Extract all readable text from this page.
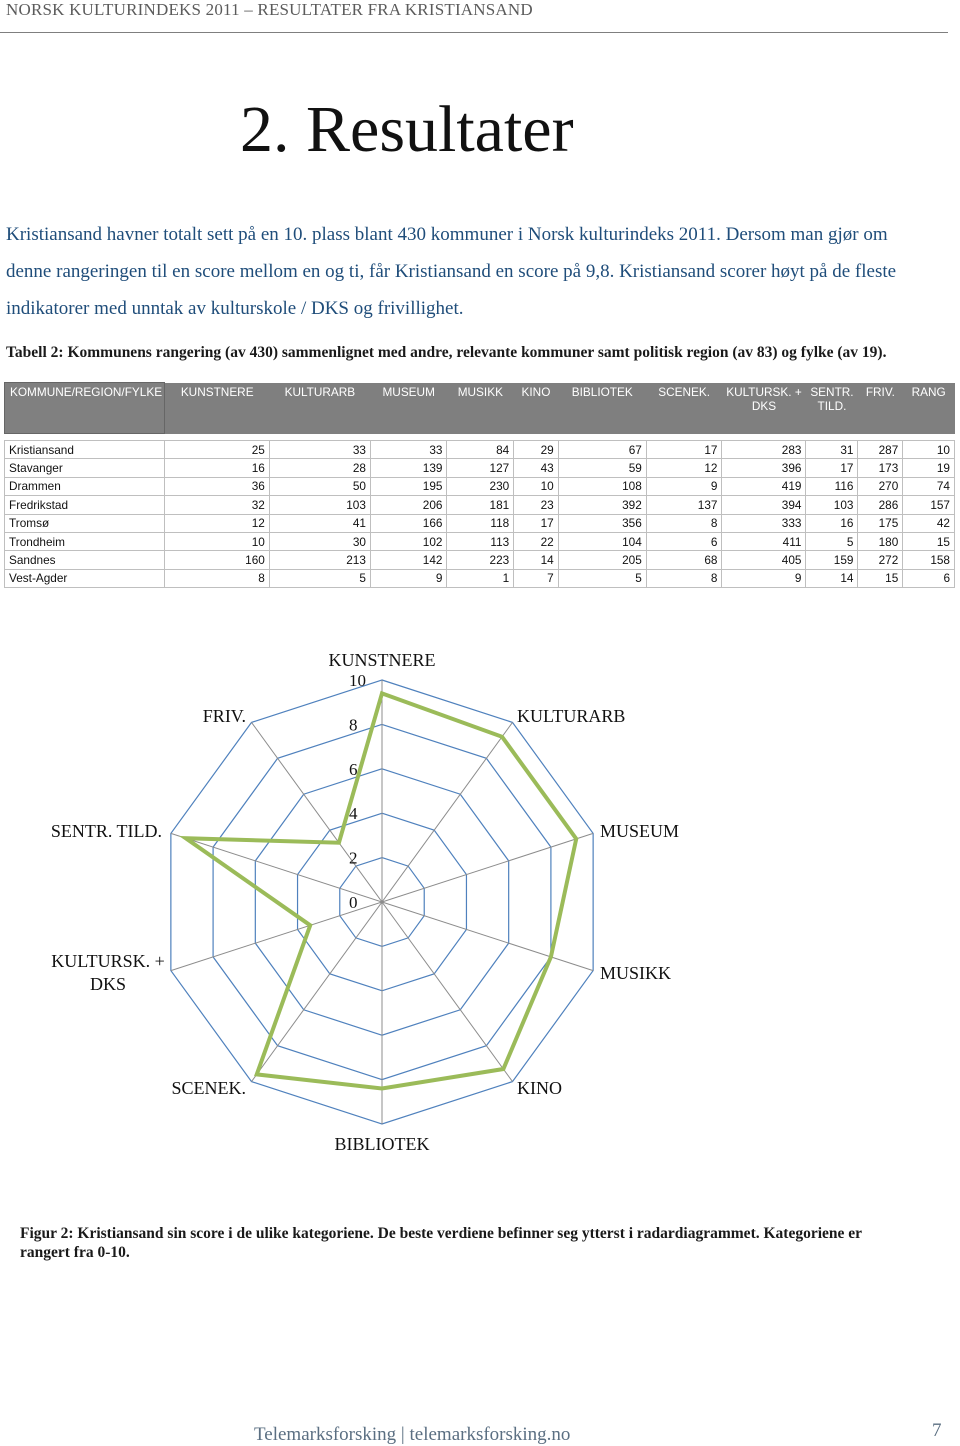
NORSK KULTURINDEKS 2011 – RESULTATER FRA KRISTIANSAND
2. Resultater
Kristiansand havner totalt sett på en 10. plass blant 430 kommuner i Norsk kulturindeks 2011. Dersom man gjør om denne rangeringen til en score mellom en og ti, får Kristiansand en score på 9,8. Kristiansand scorer høyt på de fleste indikatorer med unntak av kulturskole / DKS og frivillighet.
Tabell 2: Kommunens rangering (av 430) sammenlignet med andre, relevante kommuner samt politisk region (av 83) og fylke (av 19).
KOMMUNE/REGION/FYLKE	KUNSTNERE	KULTURARB	MUSEUM	MUSIKK	KINO	BIBLIOTEK	SCENEK.	KULTURSK. + DKS	SENTR. TILD.	FRIV.	RANG

Kristiansand	25	33	33	84	29	67	17	283	31	287	10
Stavanger	16	28	139	127	43	59	12	396	17	173	19
Drammen	36	50	195	230	10	108	9	419	116	270	74
Fredrikstad	32	103	206	181	23	392	137	394	103	286	157
Tromsø	12	41	166	118	17	356	8	333	16	175	42
Trondheim	10	30	102	113	22	104	6	411	5	180	15
Sandnes	160	213	142	223	14	205	68	405	159	272	158
Vest-Agder	8	5	9	1	7	5	8	9	14	15	6
0
2
4
6
8
10
KUNSTNERE
KULTURARB
MUSEUM
MUSIKK
KINO
BIBLIOTEK
SCENEK.
KULTURSK. + DKS
SENTR. TILD.
FRIV.
Figur 2: Kristiansand sin score i de ulike kategoriene. De beste verdiene befinner seg ytterst i radardiagrammet. Kategoriene er rangert fra 0-10.
Telemarksforsking | telemarksforsking.no	7
